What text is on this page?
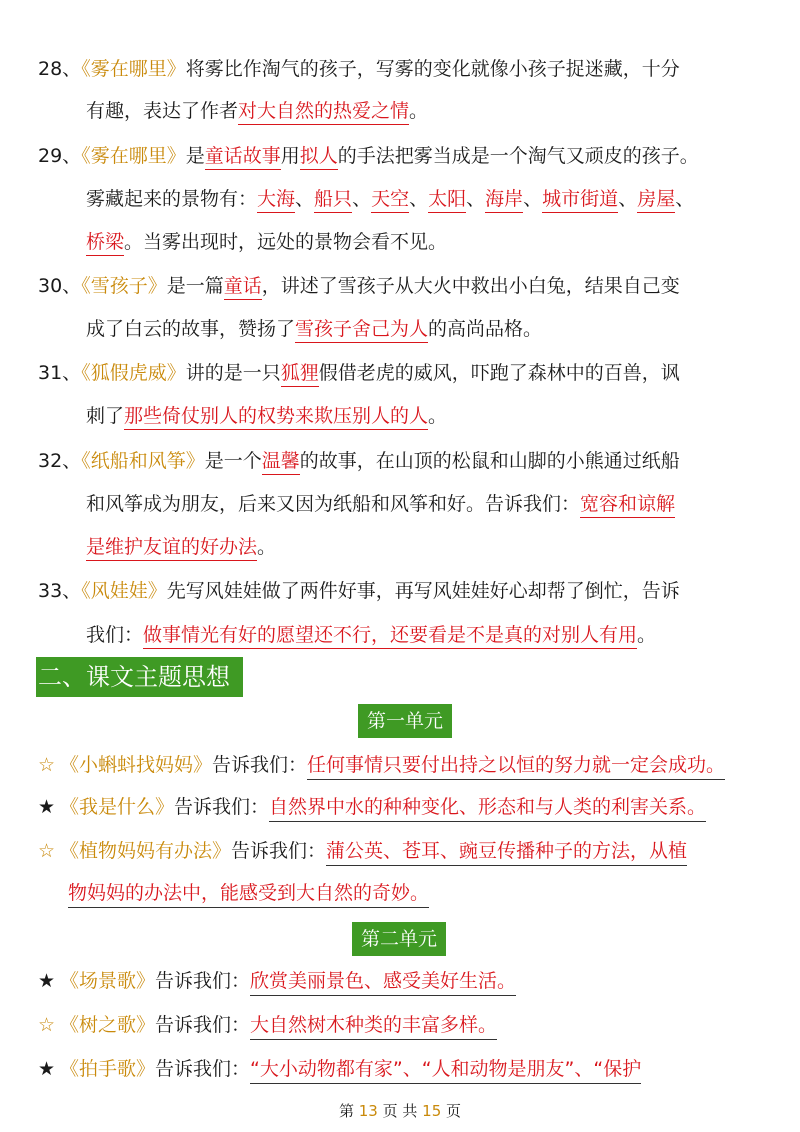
28、《雾在哪里》将雾比作淘气的孩子，写雾的变化就像小孩子捉迷藏，十分
有趣，表达了作者对大自然的热爱之情。
29、《雾在哪里》是童话故事用拟人的手法把雾当成是一个淘气又顽皮的孩子。
雾藏起来的景物有：大海、船只、天空、太阳、海岸、城市街道、房屋、
桥梁。当雾出现时，远处的景物会看不见。
30、《雪孩子》是一篇童话，讲述了雪孩子从大火中救出小白兔，结果自己变
成了白云的故事，赞扬了雪孩子舍己为人的高尚品格。
31、《狐假虎威》讲的是一只狐狸假借老虎的威风，吓跑了森林中的百兽，讽
刺了那些倚仗别人的权势来欺压别人的人。
32、《纸船和风筝》是一个温馨的故事，在山顶的松鼠和山脚的小熊通过纸船
和风筝成为朋友，后来又因为纸船和风筝和好。告诉我们：宽容和谅解
是维护友谊的好办法。
33、《风娃娃》先写风娃娃做了两件好事，再写风娃娃好心却帮了倒忙，告诉
我们：做事情光有好的愿望还不行，还要看是不是真的对别人有用。
二、课文主题思想
第一单元
☆ 《小蝌蚪找妈妈》告诉我们：任何事情只要付出持之以恒的努力就一定会成功。
★ 《我是什么》告诉我们：自然界中水的种种变化、形态和与人类的利害关系。
☆ 《植物妈妈有办法》告诉我们：蒲公英、苍耳、豌豆传播种子的方法，从植
物妈妈的办法中，能感受到大自然的奇妙。
第二单元
★ 《场景歌》告诉我们：欣赏美丽景色、感受美好生活。
☆ 《树之歌》告诉我们：大自然树木种类的丰富多样。
★ 《拍手歌》告诉我们：“大小动物都有家”、“人和动物是朋友”、“保护
第 13 页 共 15 页
